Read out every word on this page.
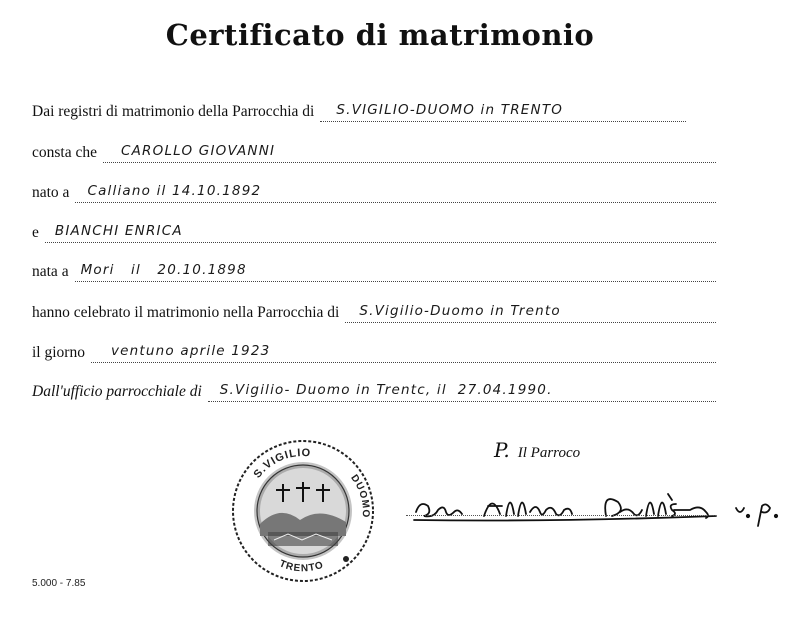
Certificato di matrimonio
Dai registri di matrimonio della Parrocchia di S.VIGILIO-DUOMO in TRENTO
consta che CAROLLO GIOVANNI
nato a Calliano il 14.10.1892
e BIANCHI ENRICA
nata a Mori   il   20.10.1898
hanno celebrato il matrimonio nella Parrocchia di S.Vigilio-Duomo in Trento
il giorno ventuno aprile 1923
Dall'ufficio parrocchiale di S.Vigilio- Duomo in Trentc, il  27.04.1990.
S.VIGILIO
DUOMO
TRENTO
P. Il Parroco
Don Albino Dell'Eva v.p.
5.000 - 7.85
